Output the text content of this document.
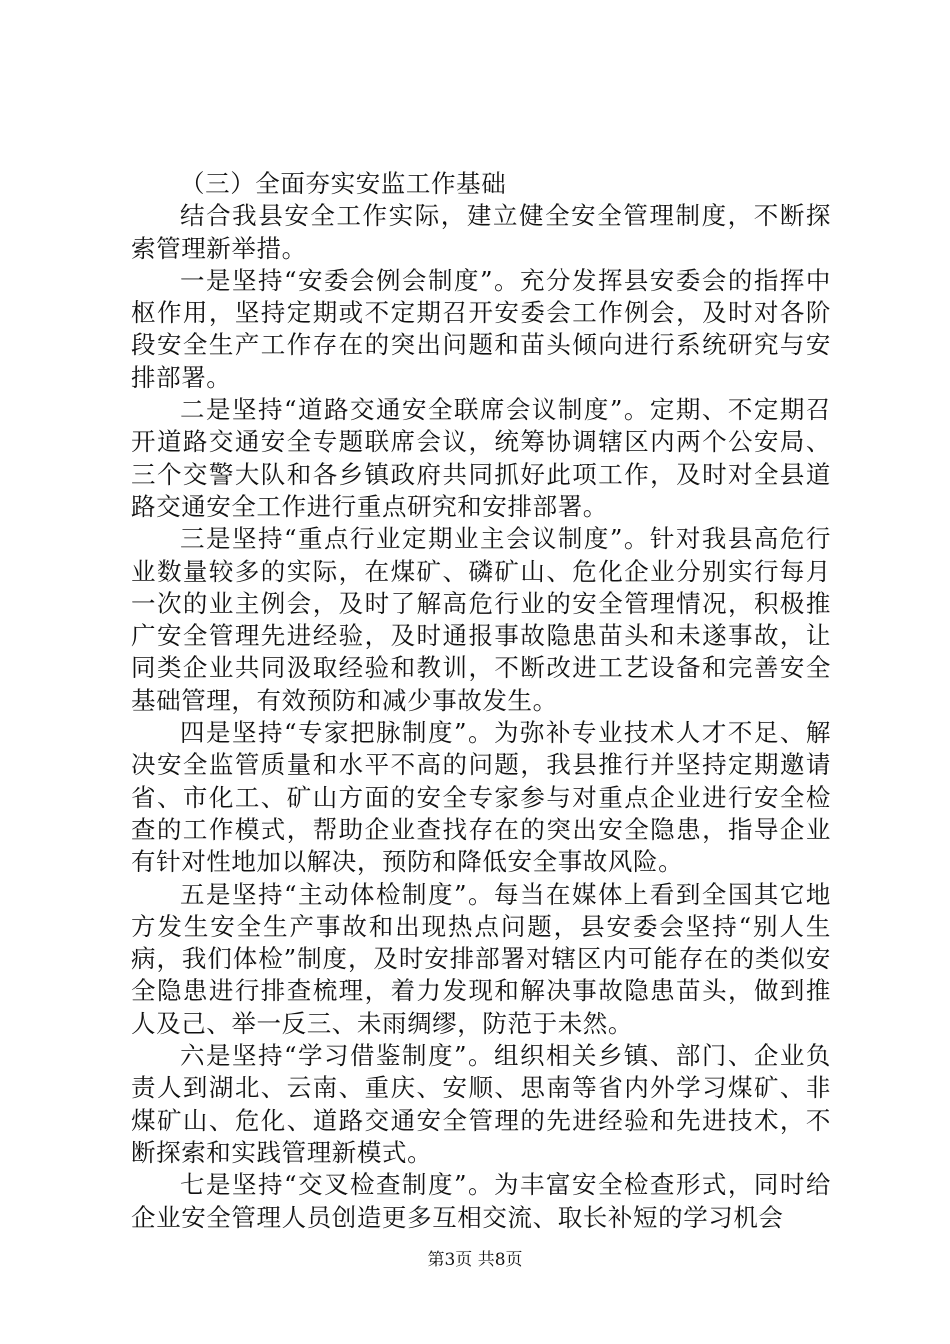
（三）全面夯实安监工作基础

结合我县安全工作实际，建立健全安全管理制度，不断探索管理新举措。

一是坚持“安委会例会制度”。充分发挥县安委会的指挥中枢作用，坚持定期或不定期召开安委会工作例会，及时对各阶段安全生产工作存在的突出问题和苗头倾向进行系统研究与安排部署。

二是坚持“道路交通安全联席会议制度”。定期、不定期召开道路交通安全专题联席会议，统筹协调辖区内两个公安局、三个交警大队和各乡镇政府共同抓好此项工作，及时对全县道路交通安全工作进行重点研究和安排部署。

三是坚持“重点行业定期业主会议制度”。针对我县高危行业数量较多的实际，在煤矿、磷矿山、危化企业分别实行每月一次的业主例会，及时了解高危行业的安全管理情况，积极推广安全管理先进经验，及时通报事故隐患苗头和未遂事故，让同类企业共同汲取经验和教训，不断改进工艺设备和完善安全基础管理，有效预防和减少事故发生。

四是坚持“专家把脉制度”。为弥补专业技术人才不足、解决安全监管质量和水平不高的问题，我县推行并坚持定期邀请省、市化工、矿山方面的安全专家参与对重点企业进行安全检查的工作模式，帮助企业查找存在的突出安全隐患，指导企业有针对性地加以解决，预防和降低安全事故风险。

五是坚持“主动体检制度”。每当在媒体上看到全国其它地方发生安全生产事故和出现热点问题，县安委会坚持“别人生病，我们体检”制度，及时安排部署对辖区内可能存在的类似安全隐患进行排查梳理，着力发现和解决事故隐患苗头，做到推人及己、举一反三、未雨绸缪，防范于未然。

六是坚持“学习借鉴制度”。组织相关乡镇、部门、企业负责人到湖北、云南、重庆、安顺、思南等省内外学习煤矿、非煤矿山、危化、道路交通安全管理的先进经验和先进技术，不断探索和实践管理新模式。

七是坚持“交叉检查制度”。为丰富安全检查形式，同时给企业安全管理人员创造更多互相交流、取长补短的学习机会

第3页 共8页
